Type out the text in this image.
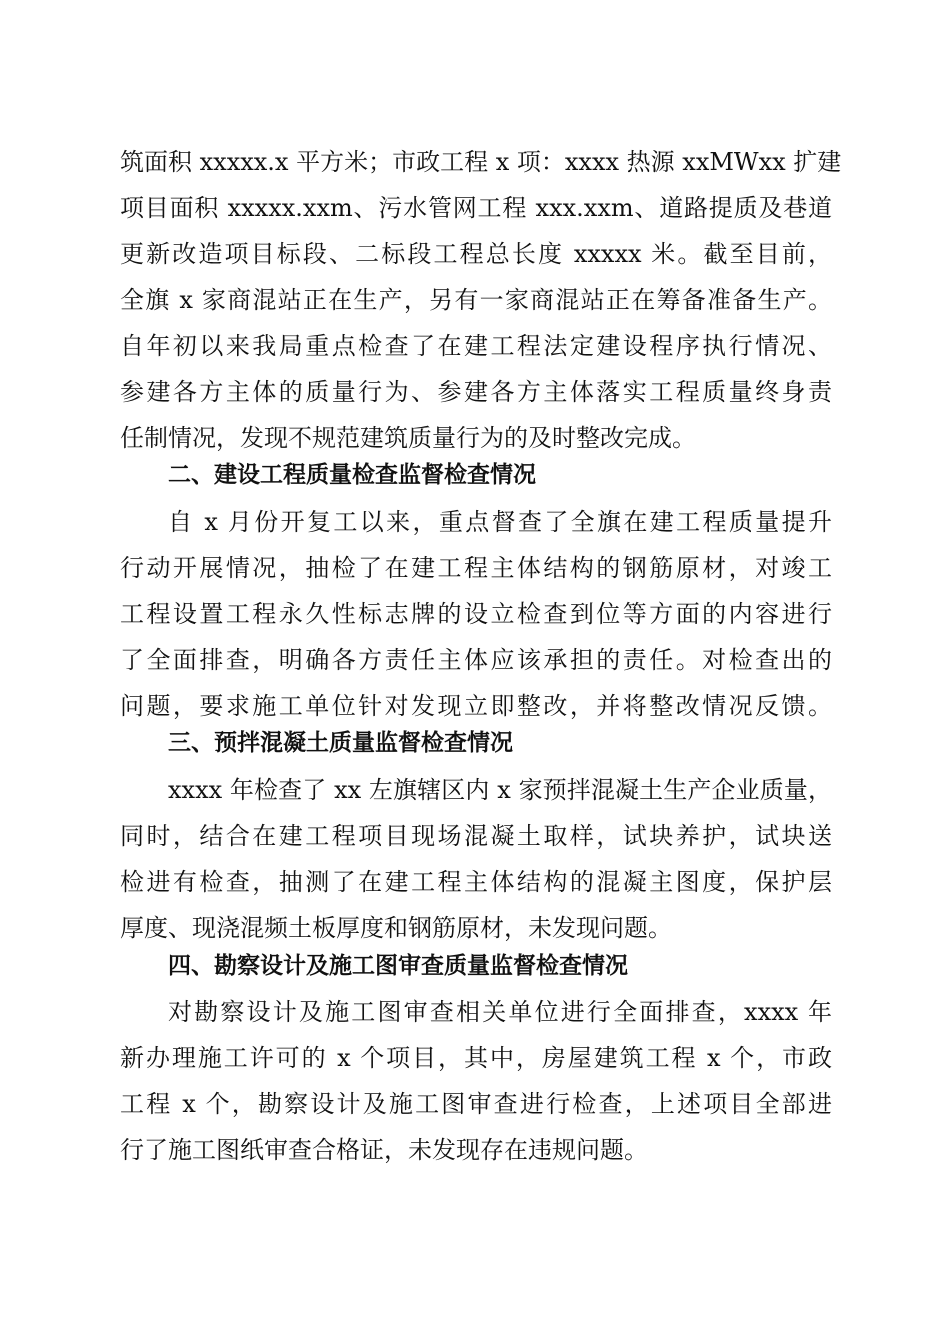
筑面积 xxxxx.x 平方米；市政工程 x 项：xxxx 热源 xxMWxx 扩建
项目面积 xxxxx.xxm、污水管网工程 xxx.xxm、道路提质及巷道
更新改造项目标段、二标段工程总长度 xxxxx 米。截至目前，
全旗 x 家商混站正在生产，另有一家商混站正在筹备准备生产。
自年初以来我局重点检查了在建工程法定建设程序执行情况、
参建各方主体的质量行为、参建各方主体落实工程质量终身责
任制情况，发现不规范建筑质量行为的及时整改完成。
二、建设工程质量检查监督检查情况
自 x 月份开复工以来，重点督查了全旗在建工程质量提升
行动开展情况，抽检了在建工程主体结构的钢筋原材，对竣工
工程设置工程永久性标志牌的设立检查到位等方面的内容进行
了全面排查，明确各方责任主体应该承担的责任。对检查出的
问题，要求施工单位针对发现立即整改，并将整改情况反馈。
三、预拌混凝土质量监督检查情况
xxxx 年检查了 xx 左旗辖区内 x 家预拌混凝土生产企业质量，
同时，结合在建工程项目现场混凝土取样，试块养护，试块送
检进有检查，抽测了在建工程主体结构的混凝主图度，保护层
厚度、现浇混频土板厚度和钢筋原材，未发现问题。
四、勘察设计及施工图审查质量监督检查情况
对勘察设计及施工图审查相关单位进行全面排查，xxxx 年
新办理施工许可的 x 个项目，其中，房屋建筑工程 x 个，市政
工程 x 个，勘察设计及施工图审查进行检查，上述项目全部进
行了施工图纸审查合格证，未发现存在违规问题。
